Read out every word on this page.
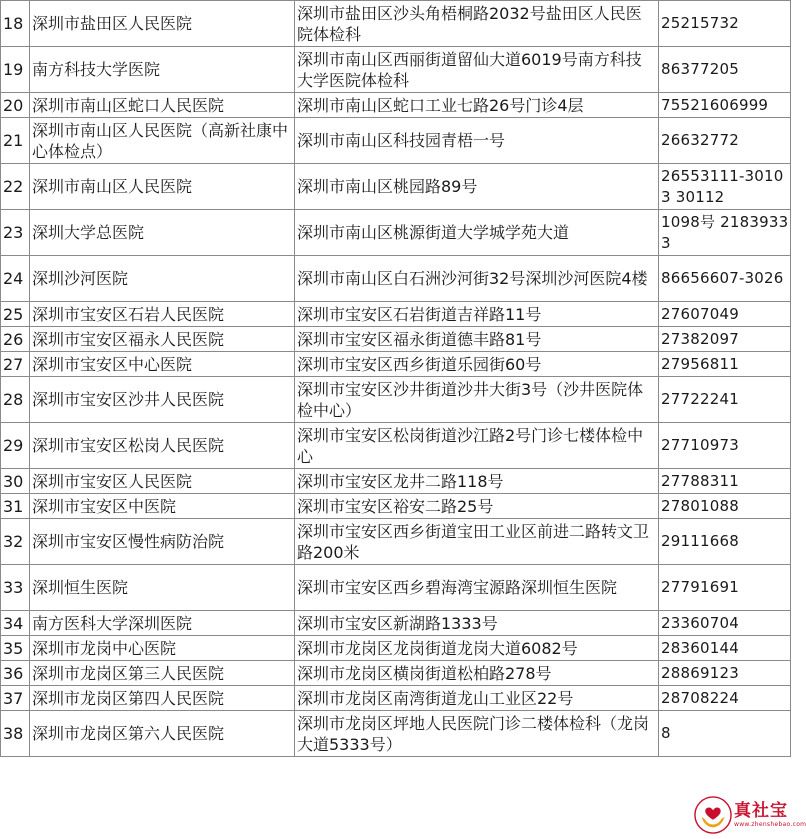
18	深圳市盐田区人民医院	深圳市盐田区沙头角梧桐路2032号盐田区人民医院体检科	25215732
19	南方科技大学医院	深圳市南山区西丽街道留仙大道6019号南方科技大学医院体检科	86377205
20	深圳市南山区蛇口人民医院	深圳市南山区蛇口工业七路26号门诊4层	75521606999
21	深圳市南山区人民医院（高新社康中心体检点）	深圳市南山区科技园青梧一号	26632772
22	深圳市南山区人民医院	深圳市南山区桃园路89号	26553111-30103 30112
23	深圳大学总医院	深圳市南山区桃源街道大学城学苑大道	1098号 21839333
24	深圳沙河医院	深圳市南山区白石洲沙河街32号深圳沙河医院4楼	86656607-3026
25	深圳市宝安区石岩人民医院	深圳市宝安区石岩街道吉祥路11号	27607049
26	深圳市宝安区福永人民医院	深圳市宝安区福永街道德丰路81号	27382097
27	深圳市宝安区中心医院	深圳市宝安区西乡街道乐园街60号	27956811
28	深圳市宝安区沙井人民医院	深圳市宝安区沙井街道沙井大街3号（沙井医院体检中心）	27722241
29	深圳市宝安区松岗人民医院	深圳市宝安区松岗街道沙江路2号门诊七楼体检中心	27710973
30	深圳市宝安区人民医院	深圳市宝安区龙井二路118号	27788311
31	深圳市宝安区中医院	深圳市宝安区裕安二路25号	27801088
32	深圳市宝安区慢性病防治院	深圳市宝安区西乡街道宝田工业区前进二路转文卫路200米	29111668
33	深圳恒生医院	深圳市宝安区西乡碧海湾宝源路深圳恒生医院	27791691
34	南方医科大学深圳医院	深圳市宝安区新湖路1333号	23360704
35	深圳市龙岗中心医院	深圳市龙岗区龙岗街道龙岗大道6082号	28360144
36	深圳市龙岗区第三人民医院	深圳市龙岗区横岗街道松柏路278号	28869123
37	深圳市龙岗区第四人民医院	深圳市龙岗区南湾街道龙山工业区22号	28708224
38	深圳市龙岗区第六人民医院	深圳市龙岗区坪地人民医院门诊二楼体检科（龙岗大道5333号）	8
真社宝
www.zhenshebao.com
